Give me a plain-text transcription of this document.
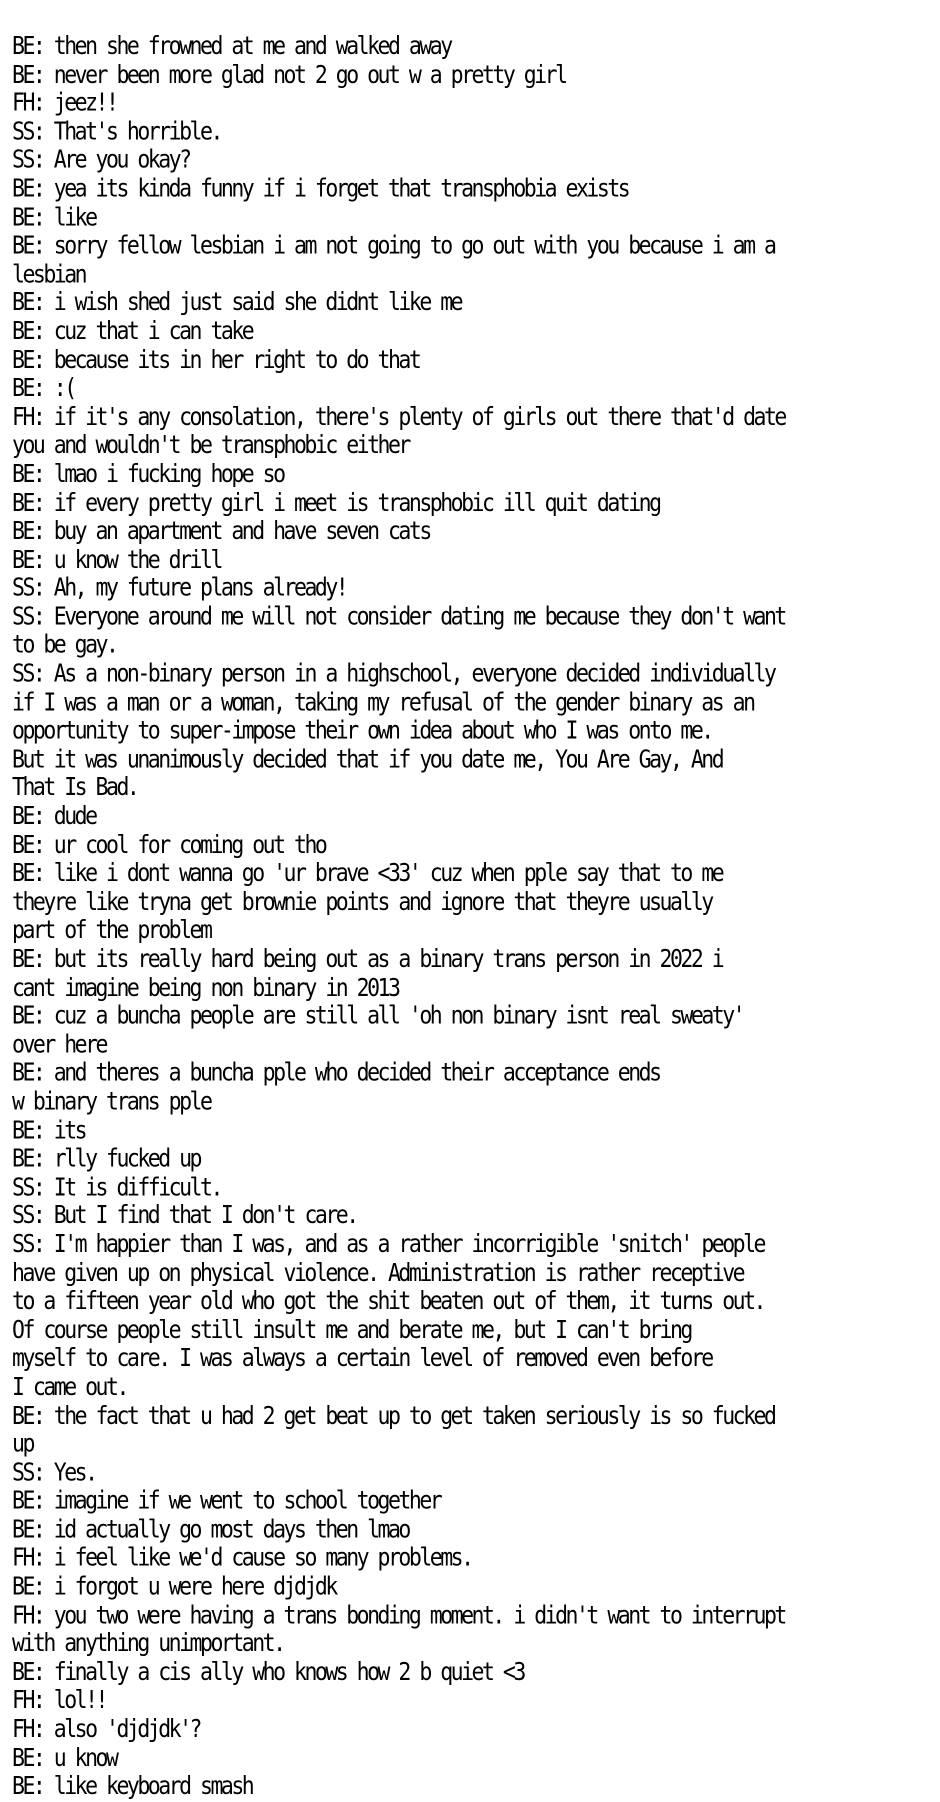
BE: then she frowned at me and walked away
BE: never been more glad not 2 go out w a pretty girl
FH: jeez!!
SS: That's horrible.
SS: Are you okay?
BE: yea its kinda funny if i forget that transphobia exists
BE: like
BE: sorry fellow lesbian i am not going to go out with you because i am a
lesbian
BE: i wish shed just said she didnt like me
BE: cuz that i can take
BE: because its in her right to do that
BE: :(
FH: if it's any consolation, there's plenty of girls out there that'd date
you and wouldn't be transphobic either
BE: lmao i fucking hope so
BE: if every pretty girl i meet is transphobic ill quit dating
BE: buy an apartment and have seven cats
BE: u know the drill
SS: Ah, my future plans already!
SS: Everyone around me will not consider dating me because they don't want
to be gay.
SS: As a non-binary person in a highschool, everyone decided individually
if I was a man or a woman, taking my refusal of the gender binary as an
opportunity to super-impose their own idea about who I was onto me.
But it was unanimously decided that if you date me, You Are Gay, And
That Is Bad.
BE: dude
BE: ur cool for coming out tho
BE: like i dont wanna go 'ur brave <33' cuz when pple say that to me
theyre like tryna get brownie points and ignore that theyre usually
part of the problem
BE: but its really hard being out as a binary trans person in 2022 i
cant imagine being non binary in 2013
BE: cuz a buncha people are still all 'oh non binary isnt real sweaty'
over here
BE: and theres a buncha pple who decided their acceptance ends
w binary trans pple
BE: its
BE: rlly fucked up
SS: It is difficult.
SS: But I find that I don't care.
SS: I'm happier than I was, and as a rather incorrigible 'snitch' people
have given up on physical violence. Administration is rather receptive
to a fifteen year old who got the shit beaten out of them, it turns out.
Of course people still insult me and berate me, but I can't bring
myself to care. I was always a certain level of removed even before
I came out.
BE: the fact that u had 2 get beat up to get taken seriously is so fucked
up
SS: Yes.
BE: imagine if we went to school together
BE: id actually go most days then lmao
FH: i feel like we'd cause so many problems.
BE: i forgot u were here djdjdk
FH: you two were having a trans bonding moment. i didn't want to interrupt
with anything unimportant.
BE: finally a cis ally who knows how 2 b quiet <3
FH: lol!!
FH: also 'djdjdk'?
BE: u know
BE: like keyboard smash
